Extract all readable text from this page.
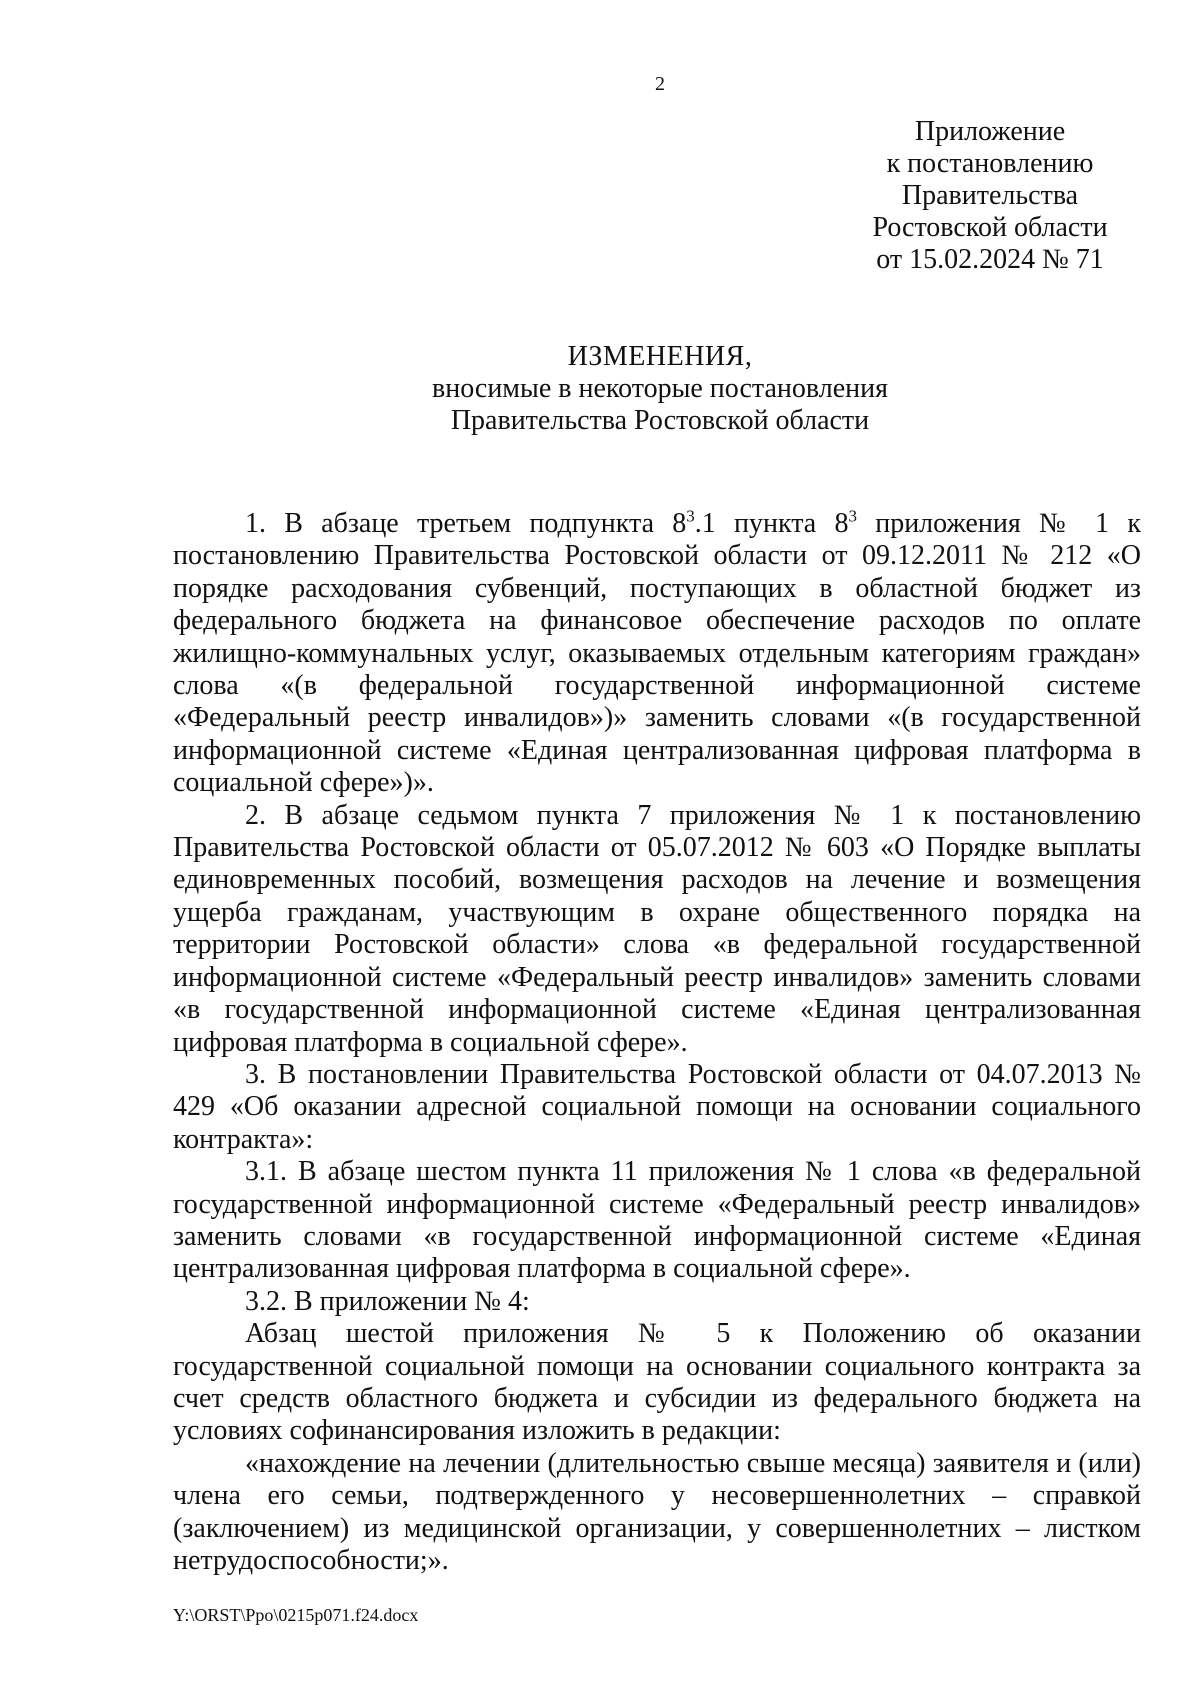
2
Приложение
к постановлению
Правительства
Ростовской области
от 15.02.2024 № 71
ИЗМЕНЕНИЯ,
вносимые в некоторые постановления
Правительства Ростовской области

1. В абзаце третьем подпункта $8^3.1$ пункта $8^3$ приложения № 1 к постановлению Правительства Ростовской области от 09.12.2011 № 212 «О порядке расходования субвенций, поступающих в областной бюджет из федерального бюджета на финансовое обеспечение расходов по оплате жилищно-коммунальных услуг, оказываемых отдельным категориям граждан» слова «(в федеральной государственной информационной системе «Федеральный реестр инвалидов»)» заменить словами «(в государственной информационной системе «Единая централизованная цифровая платформа в социальной сфере»)».

2. В абзаце седьмом пункта 7 приложения № 1 к постановлению Правительства Ростовской области от 05.07.2012 № 603 «О Порядке выплаты единовременных пособий, возмещения расходов на лечение и возмещения ущерба гражданам, участвующим в охране общественного порядка на территории Ростовской области» слова «в федеральной государственной информационной системе «Федеральный реестр инвалидов» заменить словами «в государственной информационной системе «Единая централизованная цифровая платформа в социальной сфере».

3. В постановлении Правительства Ростовской области от 04.07.2013 № 429 «Об оказании адресной социальной помощи на основании социального контракта»:

3.1. В абзаце шестом пункта 11 приложения № 1 слова «в федеральной государственной информационной системе «Федеральный реестр инвалидов» заменить словами «в государственной информационной системе «Единая централизованная цифровая платформа в социальной сфере».

3.2. В приложении № 4:

Абзац шестой приложения № 5 к Положению об оказании государственной социальной помощи на основании социального контракта за счет средств областного бюджета и субсидии из федерального бюджета на условиях софинансирования изложить в редакции:

«нахождение на лечении (длительностью свыше месяца) заявителя и (или) члена его семьи, подтвержденного у несовершеннолетних – справкой (заключением) из медицинской организации, у совершеннолетних – листком нетрудоспособности;».

Y:\ORST\Ppo\0215p071.f24.docx
